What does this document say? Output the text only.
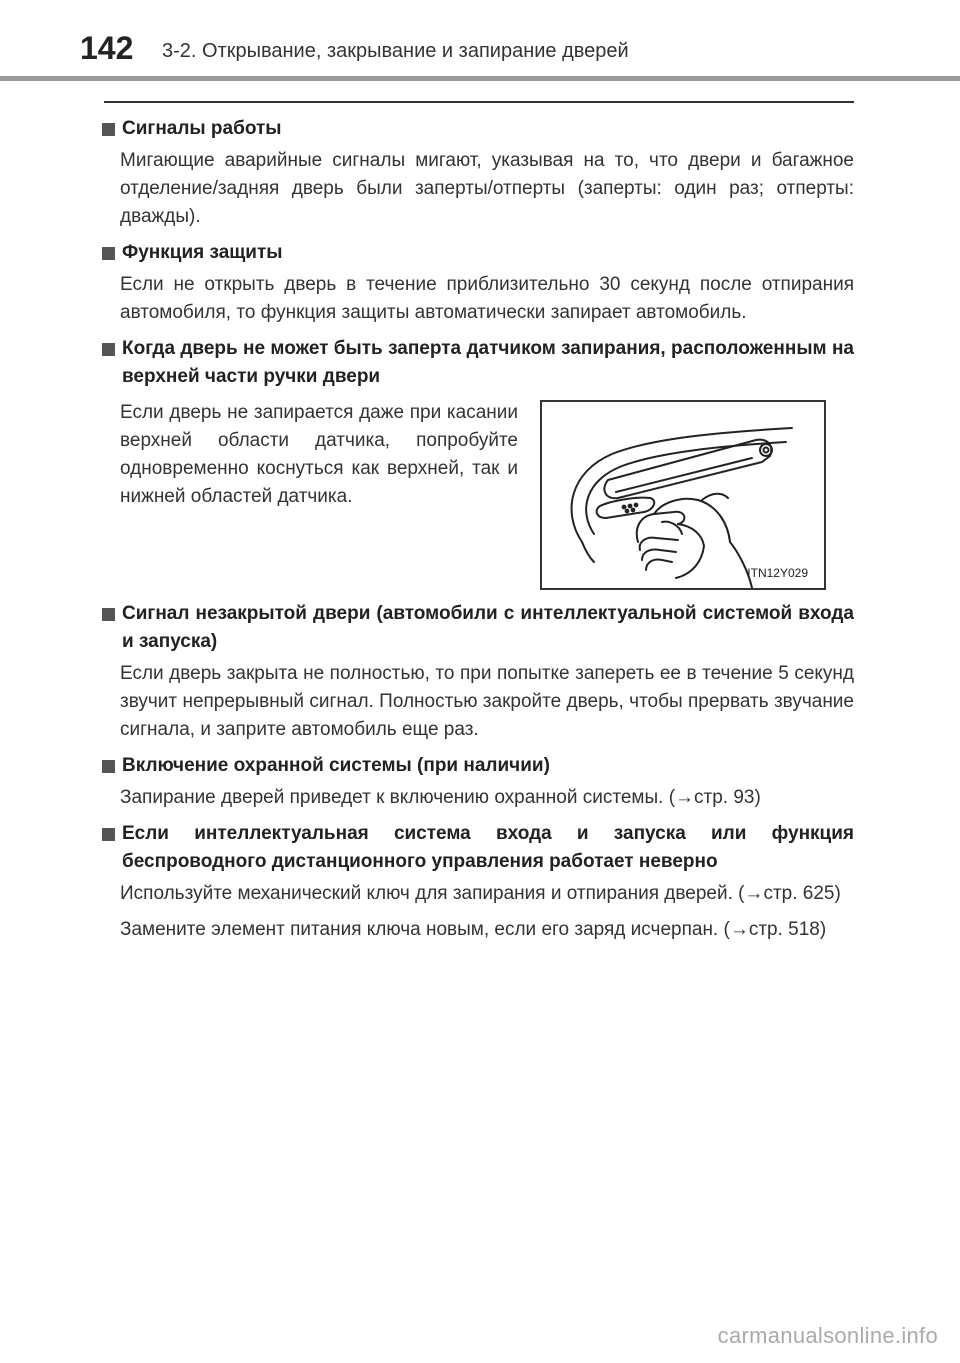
142 3-2. Открывание, закрывание и запирание дверей
Сигналы работы
Мигающие аварийные сигналы мигают, указывая на то, что двери и багажное отделение/задняя дверь были заперты/отперты (заперты: один раз; отперты: дважды).
Функция защиты
Если не открыть дверь в течение приблизительно 30 секунд после отпирания автомобиля, то функция защиты автоматически запирает автомобиль.
Когда дверь не может быть заперта датчиком запирания, расположенным на верхней части ручки двери
Если дверь не запирается даже при касании верхней области датчика, попробуйте одновременно коснуться как верхней, так и нижней областей датчика.
ITN12Y029
Сигнал незакрытой двери (автомобили с интеллектуальной системой входа и запуска)
Если дверь закрыта не полностью, то при попытке запереть ее в течение 5 секунд звучит непрерывный сигнал. Полностью закройте дверь, чтобы прервать звучание сигнала, и заприте автомобиль еще раз.
Включение охранной системы (при наличии)
Запирание дверей приведет к включению охранной системы. (→стр. 93)
Если интеллектуальная система входа и запуска или функция беспроводного дистанционного управления работает неверно
Используйте механический ключ для запирания и отпирания дверей. (→стр. 625)
Замените элемент питания ключа новым, если его заряд исчерпан. (→стр. 518)
carmanualsonline.info
